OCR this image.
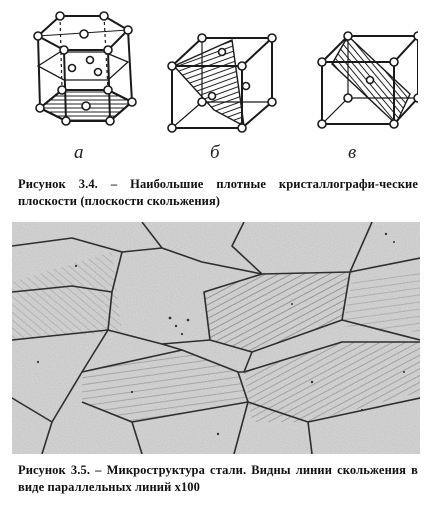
а	б	в
Рисунок 3.4. – Наибольшие плотные кристаллографи-ческие плоскости (плоскости скольжения)
Рисунок 3.5. – Микроструктура стали. Видны линии скольжения в виде параллельных линий х100
